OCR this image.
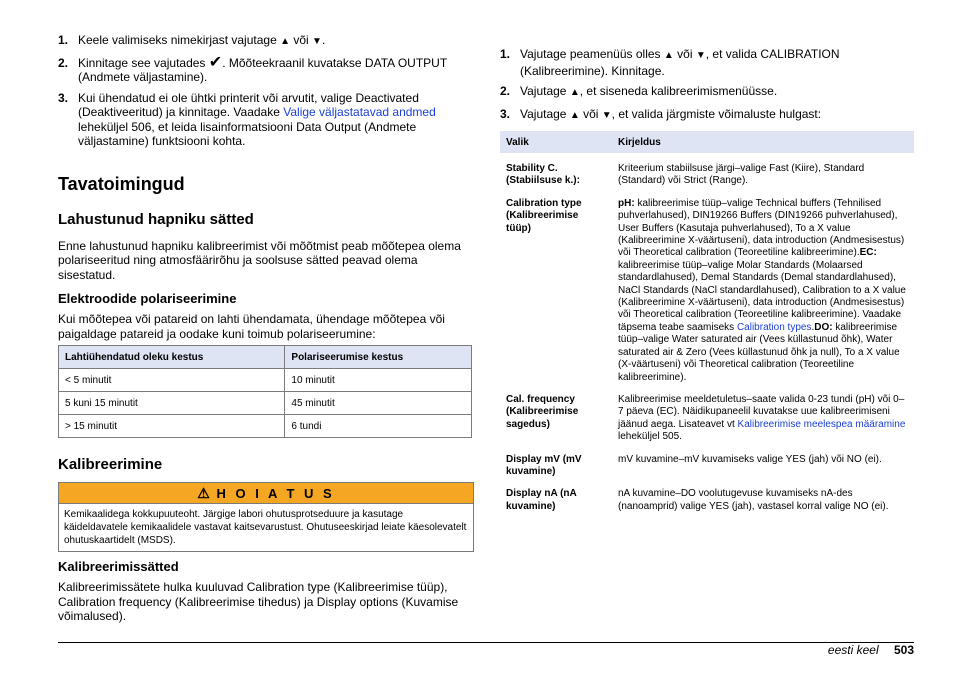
1. Keele valimiseks nimekirjast vajutage ▲ või ▼.
2. Kinnitage see vajutades ✔. Mõõteekraanil kuvatakse DATA OUTPUT (Andmete väljastamine).
3. Kui ühendatud ei ole ühtki printerit või arvutit, valige Deactivated (Deaktiveeritud) ja kinnitage. Vaadake Valige väljastatavad andmed leheküljel 506, et leida lisainformatsiooni Data Output (Andmete väljastamine) funktsiooni kohta.
Tavatoimingud
Lahustunud hapniku sätted

Enne lahustunud hapniku kalibreerimist või mõõtmist peab mõõtepea olema polariseeritud ning atmosfäärirõhu ja soolsuse sätted peavad olema sisestatud.

Elektroodide polariseerimine

Kui mõõtepea või patareid on lahti ühendamata, ühendage mõõtepea või paigaldage patareid ja oodake kuni toimub polariseerumine:

Lahtiühendatud oleku kestus	Polariseerumise kestus
< 5 minutit	10 minutit
5 kuni 15 minutit	45 minutit
> 15 minutit	6 tundi
Kalibreerimine
⚠ H O I A T U S
Kemikaalidega kokkupuuteoht. Järgige labori ohutusprotseduure ja kasutage käideldavatele kemikaalidele vastavat kaitsevarustust. Ohutuseeskirjad leiate käesolevatelt ohutuskaartidelt (MSDS).
Kalibreerimissätted

Kalibreerimissätete hulka kuuluvad Calibration type (Kalibreerimise tüüp), Calibration frequency (Kalibreerimise tihedus) ja Display options (Kuvamise võimalused).

1. Vajutage peamenüüs olles ▲ või ▼, et valida CALIBRATION (Kalibreerimine). Kinnitage.
2. Vajutage ▲, et siseneda kalibreerimismenüüsse.
3. Vajutage ▲ või ▼, et valida järgmiste võimaluste hulgast:
Valik	Kirjeldus
Stability C. (Stabiilsuse k.):	Kriteerium stabiilsuse järgi–valige Fast (Kiire), Standard (Standard) või Strict (Range).
Calibration type (Kalibreerimise tüüp)	pH: kalibreerimise tüüp–valige Technical buffers (Tehnilised puhverlahused), DIN19266 Buffers (DIN19266 puhverlahused), User Buffers (Kasutaja puhverlahused), To a X value (Kalibreerimine X-väärtuseni), data introduction (Andmesisestus) või Theoretical calibration (Teoreetiline kalibreerimine).EC: kalibreerimise tüüp–valige Molar Standards (Molaarsed standardlahused), Demal Standards (Demal standardlahused), NaCl Standards (NaCl standardlahused), Calibration to a X value (Kalibreerimine X-väärtuseni), data introduction (Andmesisestus) või Theoretical calibration (Teoreetiline kalibreerimine). Vaadake täpsema teabe saamiseks Calibration types.DO: kalibreerimise tüüp–valige Water saturated air (Vees küllastunud õhk), Water saturated air & Zero (Vees küllastunud õhk ja null), To a X value (X-väärtuseni) või Theoretical calibration (Teoreetiline kalibreerimine).
Cal. frequency (Kalibreerimise sagedus)	Kalibreerimise meeldetuletus–saate valida 0-23 tundi (pH) või 0–7 päeva (EC). Näidikupaneelil kuvatakse uue kalibreerimiseni jäänud aega. Lisateavet vt Kalibreerimise meelespea määramine leheküljel 505.
Display mV (mV kuvamine)	mV kuvamine–mV kuvamiseks valige YES (jah) või NO (ei).
Display nA (nA kuvamine)	nA kuvamine–DO voolutugevuse kuvamiseks nA-des (nanoamprid) valige YES (jah), vastasel korral valige NO (ei).
eesti keel 503
